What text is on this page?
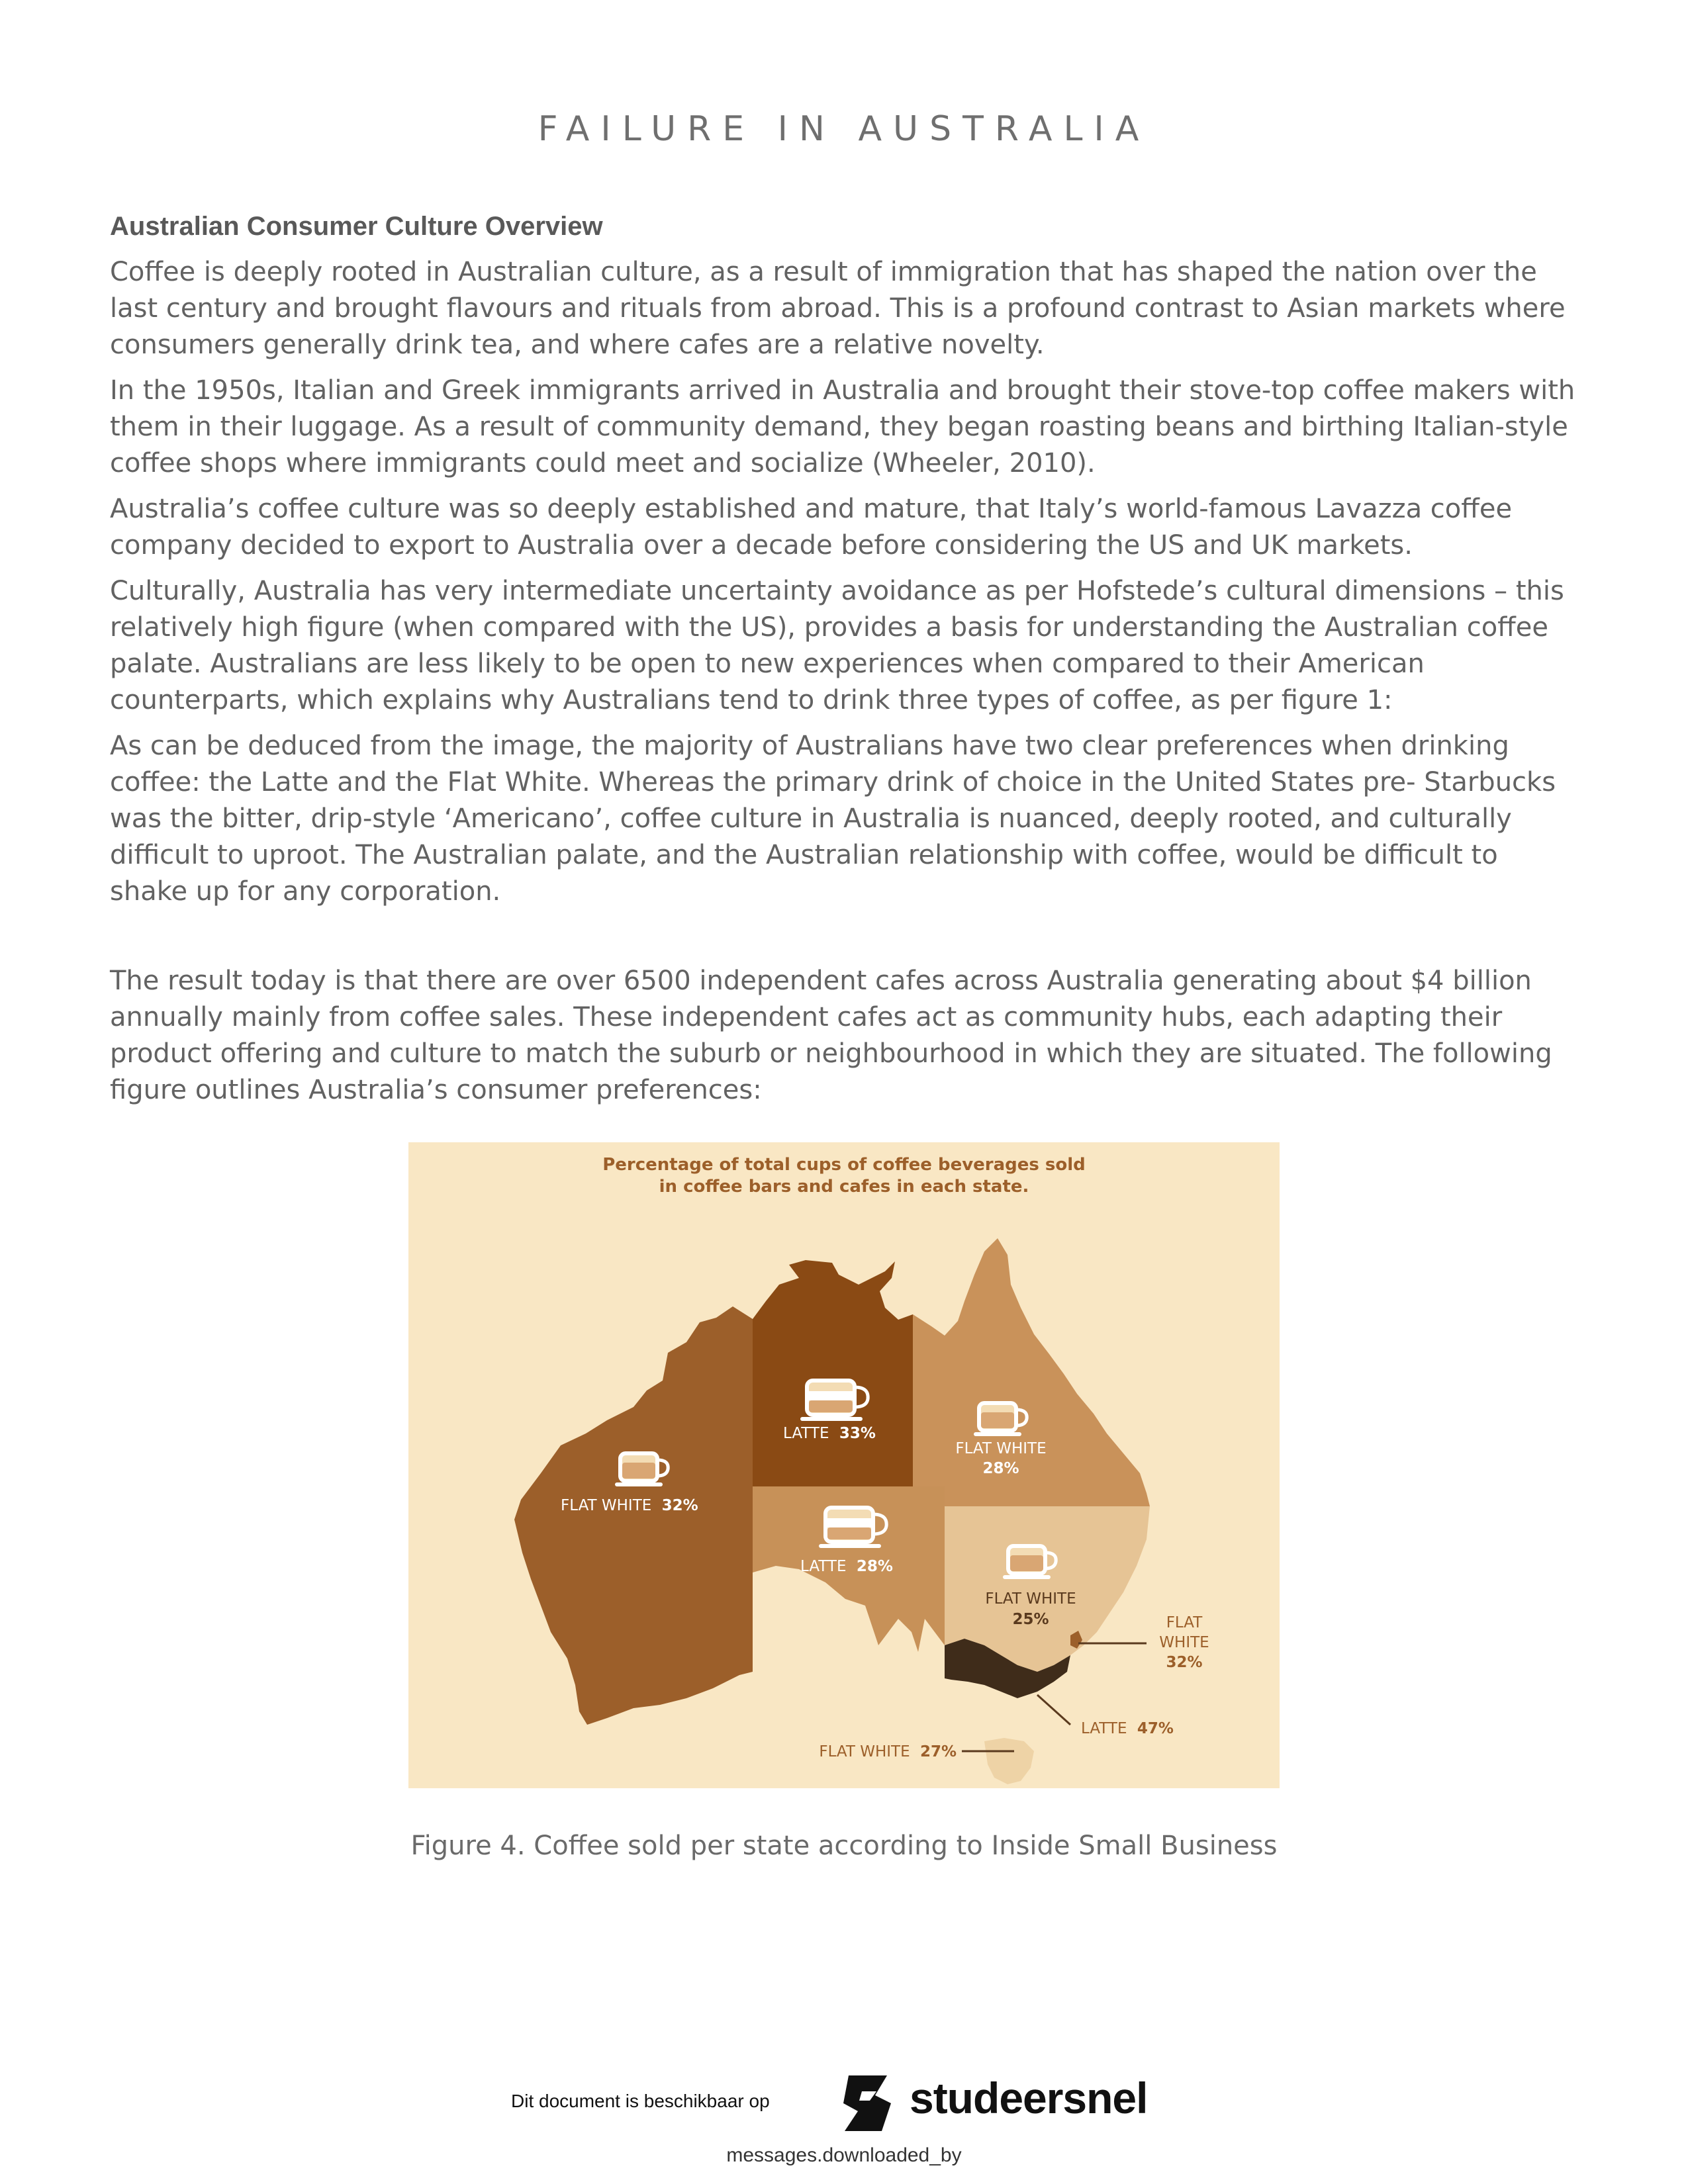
FAILURE IN AUSTRALIA
Australian Consumer Culture Overview

Coffee is deeply rooted in Australian culture, as a result of immigration that has shaped the nation over the last century and brought flavours and rituals from abroad. This is a profound contrast to Asian markets where consumers generally drink tea, and where cafes are a relative novelty.

In the 1950s, Italian and Greek immigrants arrived in Australia and brought their stove-top coffee makers with them in their luggage. As a result of community demand, they began roasting beans and birthing Italian-style coffee shops where immigrants could meet and socialize (Wheeler, 2010).

Australia’s coffee culture was so deeply established and mature, that Italy’s world-famous Lavazza coffee company decided to export to Australia over a decade before considering the US and UK markets.

Culturally, Australia has very intermediate uncertainty avoidance as per Hofstede’s cultural dimensions – this relatively high figure (when compared with the US), provides a basis for understanding the Australian coffee palate. Australians are less likely to be open to new experiences when compared to their American counterparts, which explains why Australians tend to drink three types of coffee, as per figure 1:

As can be deduced from the image, the majority of Australians have two clear preferences when drinking coffee: the Latte and the Flat White. Whereas the primary drink of choice in the United States pre- Starbucks was the bitter, drip-style ‘Americano’, coffee culture in Australia is nuanced, deeply rooted, and culturally difficult to uproot. The Australian palate, and the Australian relationship with coffee, would be difficult to shake up for any corporation.

The result today is that there are over 6500 independent cafes across Australia generating about $4 billion annually mainly from coffee sales. These independent cafes act as community hubs, each adapting their product offering and culture to match the suburb or neighbourhood in which they are situated. The following figure outlines Australia’s consumer preferences:

Percentage of total cups of coffee beverages sold
in coffee bars and cafes in each state.
FLAT WHITE 32%
LATTE 33%
FLAT WHITE
28%
LATTE 28%
FLAT WHITE
25%	FLAT
WHITE
32%
LATTE 47%
FLAT WHITE 27%
Figure 4. Coffee sold per state according to Inside Small Business
Dit document is beschikbaar op	studeersnel
messages.downloaded_by
